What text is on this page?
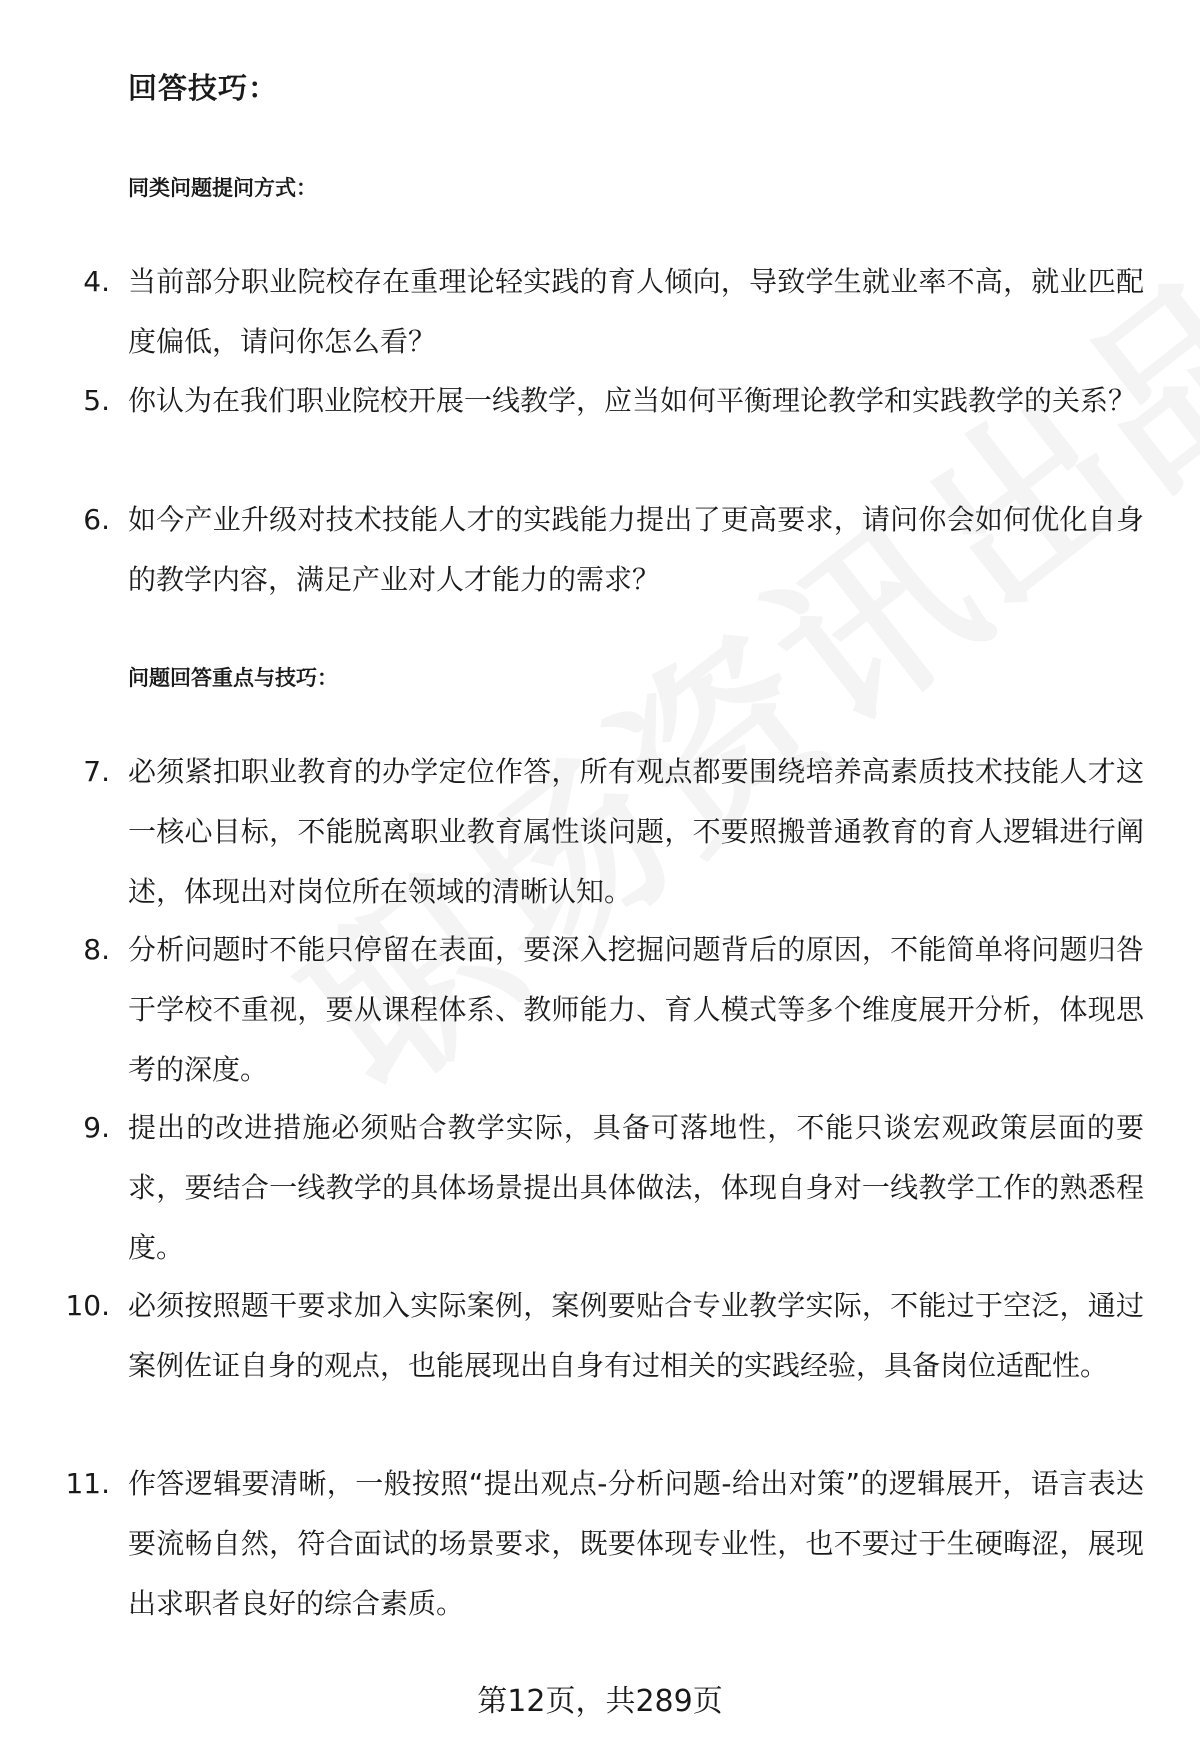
回答技巧：
同类问题提问方式：
4. 当前部分职业院校存在重理论轻实践的育人倾向，导致学生就业率不高，就业匹配度偏低，请问你怎么看？
5. 你认为在我们职业院校开展一线教学，应当如何平衡理论教学和实践教学的关系？
6. 如今产业升级对技术技能人才的实践能力提出了更高要求，请问你会如何优化自身的教学内容，满足产业对人才能力的需求？
问题回答重点与技巧：
7. 必须紧扣职业教育的办学定位作答，所有观点都要围绕培养高素质技术技能人才这一核心目标，不能脱离职业教育属性谈问题，不要照搬普通教育的育人逻辑进行阐述，体现出对岗位所在领域的清晰认知。
8. 分析问题时不能只停留在表面，要深入挖掘问题背后的原因，不能简单将问题归咎于学校不重视，要从课程体系、教师能力、育人模式等多个维度展开分析，体现思考的深度。
9. 提出的改进措施必须贴合教学实际，具备可落地性，不能只谈宏观政策层面的要求，要结合一线教学的具体场景提出具体做法，体现自身对一线教学工作的熟悉程度。
10. 必须按照题干要求加入实际案例，案例要贴合专业教学实际，不能过于空泛，通过案例佐证自身的观点，也能展现出自身有过相关的实践经验，具备岗位适配性。
11. 作答逻辑要清晰，一般按照“提出观点-分析问题-给出对策”的逻辑展开，语言表达要流畅自然，符合面试的场景要求，既要体现专业性，也不要过于生硬晦涩，展现出求职者良好的综合素质。
第12页，共289页
